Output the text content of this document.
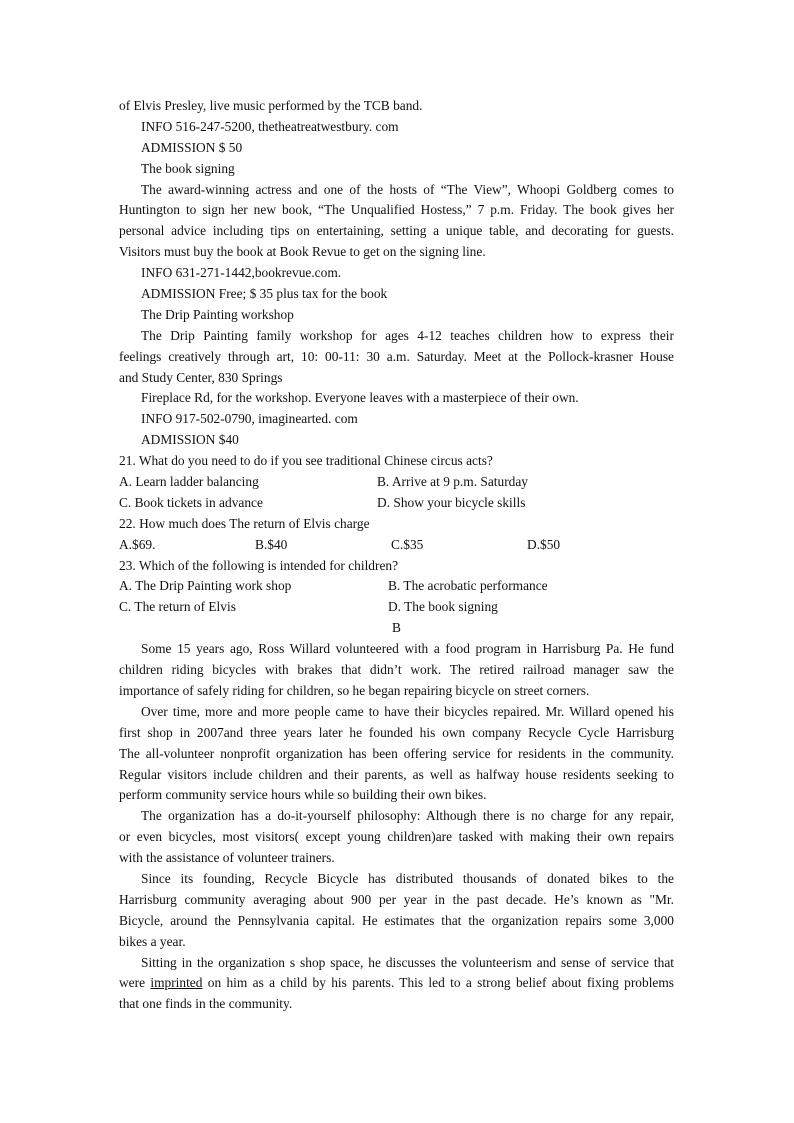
of Elvis Presley, live music performed by the TCB band.
INFO 516-247-5200, thetheatreatwestbury. com
ADMISSION $ 50
The book signing
The award-winning actress and one of the hosts of “The View”, Whoopi Goldberg comes to
Huntington to sign her new book, “The Unqualified Hostess,” 7 p.m. Friday. The book gives her
personal advice including tips on entertaining, setting a unique table, and decorating for guests.
Visitors must buy the book at Book Revue to get on the signing line.
INFO 631-271-1442,bookrevue.com.
ADMISSION Free; $ 35 plus tax for the book
The Drip Painting workshop
The Drip Painting family workshop for ages 4-12 teaches children how to express their
feelings creatively through art, 10: 00-11: 30 a.m. Saturday. Meet at the Pollock-krasner House
and Study Center, 830 Springs
Fireplace Rd, for the workshop. Everyone leaves with a masterpiece of their own.
INFO 917-502-0790, imaginearted. com
ADMISSION $40
21. What do you need to do if you see traditional Chinese circus acts?
A. Learn ladder balancing	B. Arrive at 9 p.m. Saturday
C. Book tickets in advance	D. Show your bicycle skills
22. How much does The return of Elvis charge
A.$69.	B.$40	C.$35	D.$50
23. Which of the following is intended for children?
A. The Drip Painting work shop	B. The acrobatic performance
C. The return of Elvis	D. The book signing
B
Some 15 years ago, Ross Willard volunteered with a food program in Harrisburg Pa. He fund
children riding bicycles with brakes that didn’t work. The retired railroad manager saw the
importance of safely riding for children, so he began repairing bicycle on street corners.
Over time, more and more people came to have their bicycles repaired. Mr. Willard opened his
first shop in 2007and three years later he founded his own company Recycle Cycle Harrisburg
The all-volunteer nonprofit organization has been offering service for residents in the community.
Regular visitors include children and their parents, as well as halfway house residents seeking to
perform community service hours while so building their own bikes.
The organization has a do-it-yourself philosophy: Although there is no charge for any repair,
or even bicycles, most visitors( except young children)are tasked with making their own repairs
with the assistance of volunteer trainers.
Since its founding, Recycle Bicycle has distributed thousands of donated bikes to the
Harrisburg community averaging about 900 per year in the past decade. He’s known as "Mr.
Bicycle, around the Pennsylvania capital. He estimates that the organization repairs some 3,000
bikes a year.
Sitting in the organization s shop space, he discusses the volunteerism and sense of service that
were imprinted on him as a child by his parents. This led to a strong belief about fixing problems
that one finds in the community.
